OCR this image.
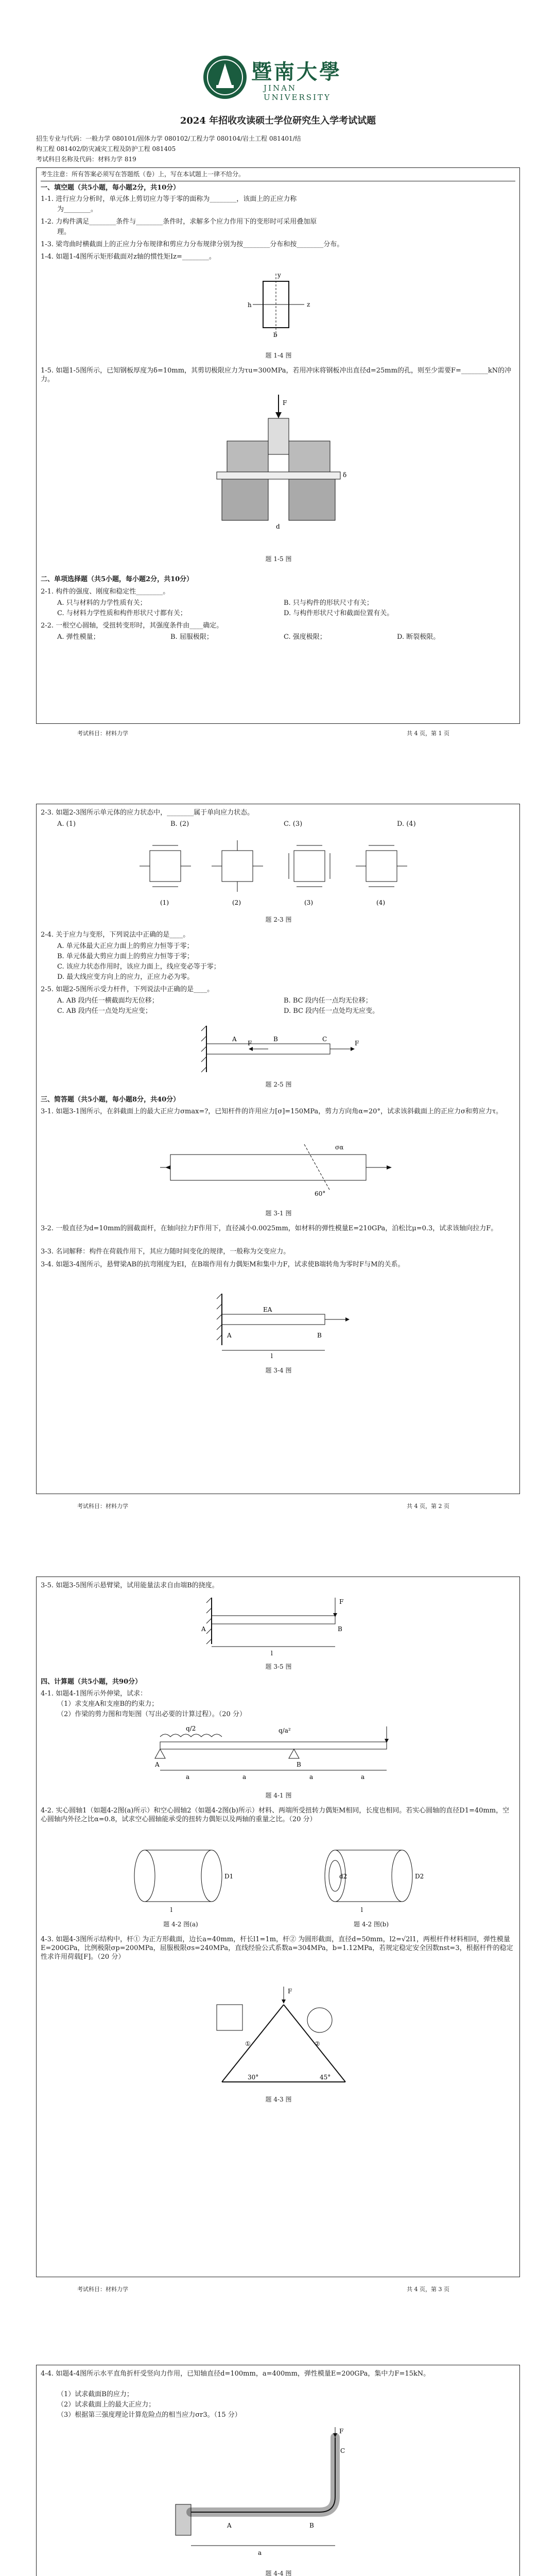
暨南大學
JINAN UNIVERSITY
2024 年招收攻读硕士学位研究生入学考试试题
招生专业与代码：一般力学 080101/固体力学 080102/工程力学 080104/岩土工程 081401/结
构工程 081402/防灾减灾工程及防护工程 081405
考试科目名称及代码：材料力学 819
考生注意：所有答案必须写在答题纸（卷）上，写在本试题上一律不给分。
一、填空题（共5小题，每小题2分，共10分）
1-1. 进行应力分析时，单元体上剪切应力等于零的面称为________，该面上的正应力称
为________。
1-2. 力构件满足________条件与________条件时，求解多个应力作用下的变形时可采用叠加原
理。
1-3. 梁弯曲时横截面上的正应力分布规律和剪应力分布规律分别为按________分布和按________分布。
1-4. 如题1-4图所示矩形截面对z轴的惯性矩Iz=________。
z
y
h
b
题 1-4 图
1-5. 如题1-5图所示，已知钢板厚度为δ=10mm，其剪切极限应力为τu=300MPa，若用冲床将钢板冲出直径d=25mm的孔，则至少需要F=________kN的冲力。
F
δ
d
题 1-5 图
二、单项选择题（共5小题，每小题2分，共10分）
2-1. 构件的强度、刚度和稳定性________。
A. 只与材料的力学性质有关；	B. 只与构件的形状尺寸有关；
C. 与材料力学性质和构件形状尺寸都有关；	D. 与构件形状尺寸和截面位置有关。
2-2. 一根空心圆轴，受扭转变形时，其强度条件由____确定。
A. 弹性模量；	B. 屈服极限；	C. 强度极限；	D. 断裂极限。
考试科目：材料力学	共 4 页，第 1 页
2-3. 如题2-3图所示单元体的应力状态中，________属于单向应力状态。
A. (1)	B. (2)	C. (3)	D. (4)
(1)	(2)	(3)	(4)
题 2-3 图
2-4. 关于应力与变形，下列说法中正确的是____。
A. 单元体最大正应力面上的剪应力恒等于零；
B. 单元体最大剪应力面上的剪应力恒等于零；
C. 该应力状态作用时，该应力面上，线应变必等于零；
D. 最大线应变方向上的应力，正应力必为零。
2-5. 如题2-5图所示受力杆件，下列说法中正确的是____。
A. AB 段内任一横截面均无位移；	B. BC 段内任一点均无位移；
C. AB 段内任一点处均无应变；	D. BC 段内任一点处均无应变。
A	B	C
F
F
题 2-5 图
三、简答题（共5小题，每小题8分，共40分）
3-1. 如题3-1图所示，在斜截面上的最大正应力σmax=?，已知杆件的许用应力[σ]=150MPa，剪力方向角α=20°，试求该斜截面上的正应力σ和剪应力τ。
σα
60°
题 3-1 图
3-2. 一般直径为d=10mm的圆截面杆，在轴向拉力F作用下，直径减小0.0025mm，如材料的弹性模量E=210GPa，泊松比μ=0.3，试求该轴向拉力F。
3-3. 名词解释：构件在荷载作用下，其应力随时间变化的规律，一般称为交变应力。
3-4. 如题3-4图所示，悬臂梁AB的抗弯刚度为EI，在B端作用有力偶矩M和集中力F，试求使B端转角为零时F与M的关系。
EA
A	B
l
题 3-4 图
考试科目：材料力学	共 4 页，第 2 页
3-5. 如题3-5图所示悬臂梁，试用能量法求自由端B的挠度。
F
B
A
l
题 3-5 图
四、计算题（共5小题，共90分）
4-1. 如题4-1图所示外伸梁，试求：
（1）求支座A和支座B的约束力；
（2）作梁的剪力图和弯矩图（写出必要的计算过程）。（20 分）
q/2	q/a²
a	a	a	a
A	B
题 4-1 图
4-2. 实心圆轴1（如题4-2图(a)所示）和空心圆轴2（如题4-2图(b)所示）材料、两端所受扭转力偶矩M相同，长度也相同。若实心圆轴的直径D1=40mm，空心圆轴内外径之比α=0.8，试求空心圆轴能承受的扭转力偶矩以及两轴的重量之比。（20 分）
D1
l
D2
d2
l
题 4-2 图(a)	题 4-2 图(b)
4-3. 如题4-3图所示结构中，杆① 为正方形截面，边长a=40mm，杆长l1=1m，杆② 为圆形截面，直径d=50mm，l2=√2l1，两根杆件材料相同，弹性模量E=200GPa，比例极限σp=200MPa，屈服极限σs=240MPa，直线经验公式系数a=304MPa，b=1.12MPa，若规定稳定安全因数nst=3，根据杆件的稳定性求许用荷载[F]。（20 分）
F
①	②
30°	45°
题 4-3 图
考试科目：材料力学	共 4 页，第 3 页
4-4. 如题4-4图所示水平直角折杆受竖向力作用，已知轴直径d=100mm，a=400mm，弹性模量E=200GPa，集中力F=15kN。
（1）试求截面B的应力；
（2）试求截面上的最大正应力；
（3）根据第三强度理论计算危险点的相当应力σr3。（15 分）
F
A	B
C
a
题 4-4 图
